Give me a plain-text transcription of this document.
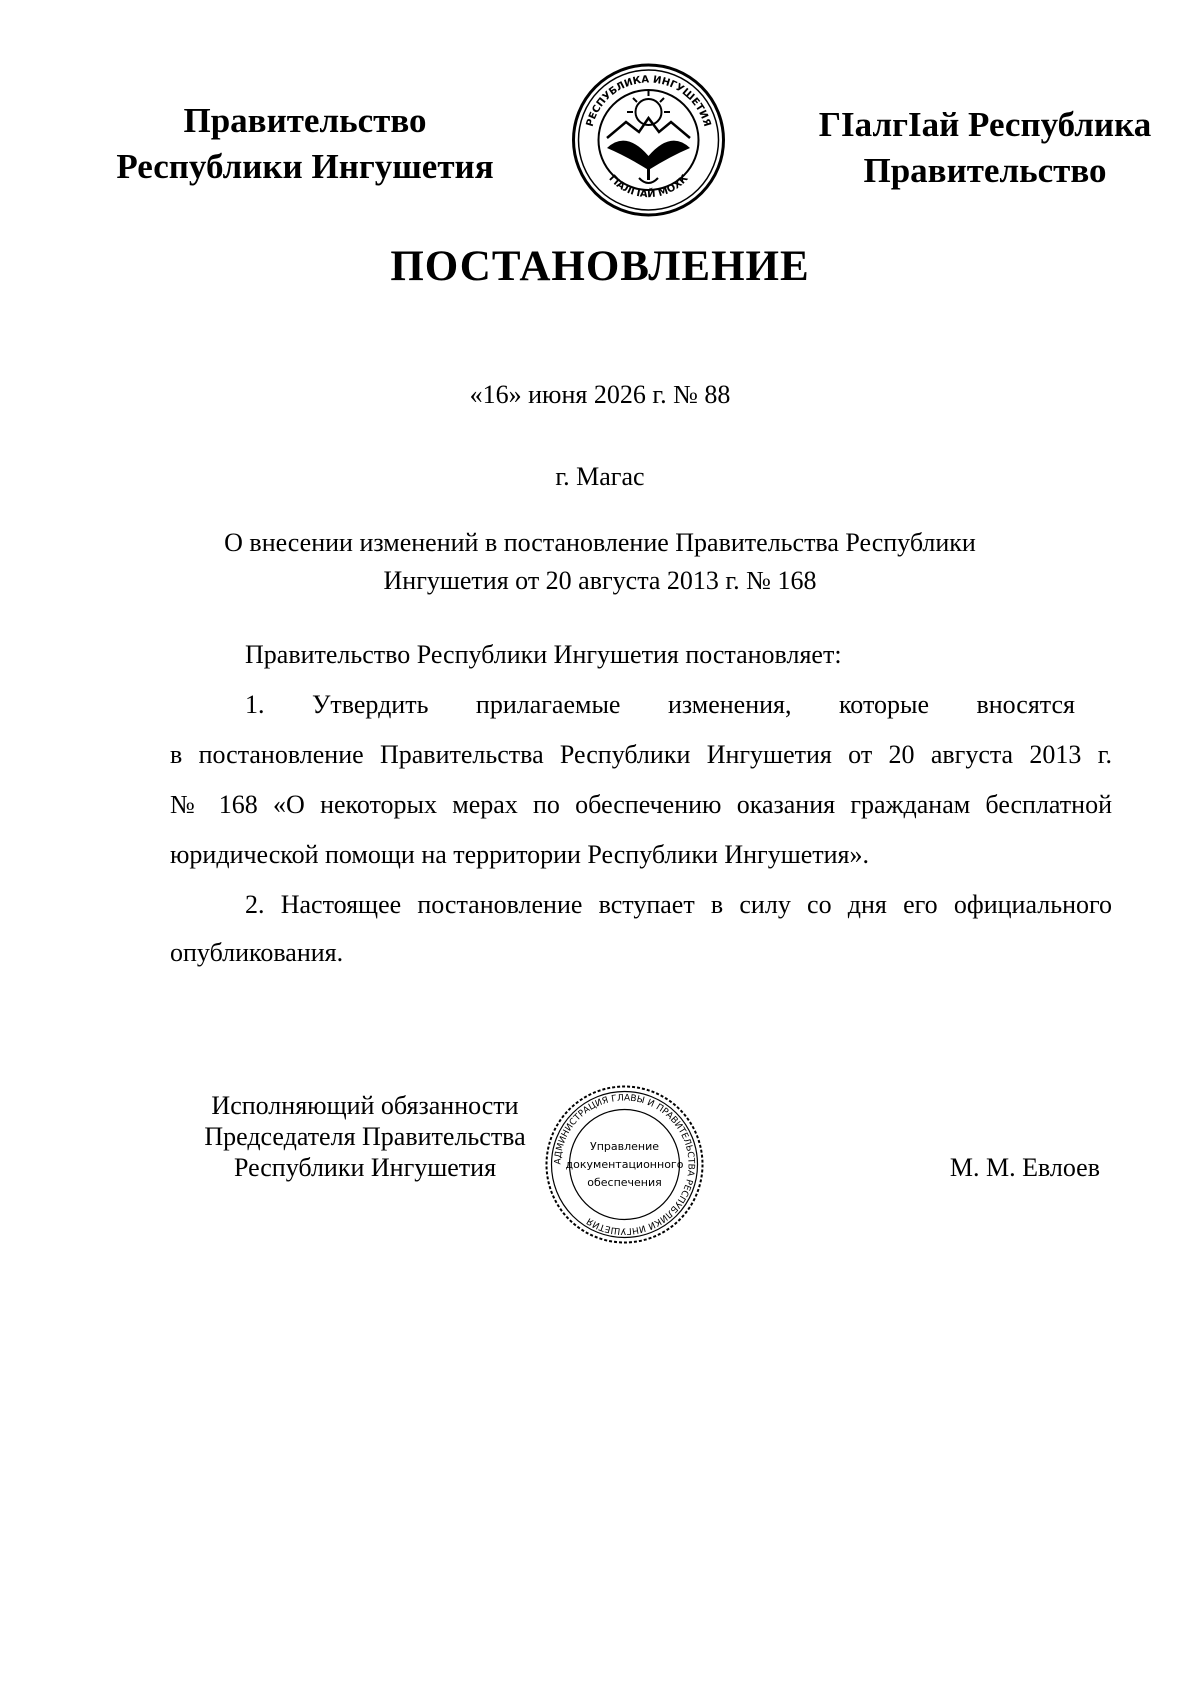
Правительство
Республики Ингушетия
РЕСПУБЛИКА ИНГУШЕТИЯ
ГIАЛГIАЙ МОХК
ГIалгIай Республика
Правительство
ПОСТАНОВЛЕНИЕ
«16» июня 2026 г. № 88
г. Магас
О внесении изменений в постановление Правительства Республики
Ингушетия от 20 августа 2013 г. № 168
Правительство Республики Ингушетия постановляет:
1. Утвердить прилагаемые изменения, которые вносятся
в постановление Правительства Республики Ингушетия от 20 августа 2013 г.
№ 168 «О некоторых мерах по обеспечению оказания гражданам бесплатной
юридической помощи на территории Республики Ингушетия».
2. Настоящее постановление вступает в силу со дня его официального
опубликования.
Исполняющий обязанности
Председателя Правительства
Республики Ингушетия	АДМИНИСТРАЦИЯ ГЛАВЫ И ПРАВИТЕЛЬСТВА РЕСПУБЛИКИ ИНГУШЕТИЯ
Управление
документационного
обеспечения
М. М. Евлоев
